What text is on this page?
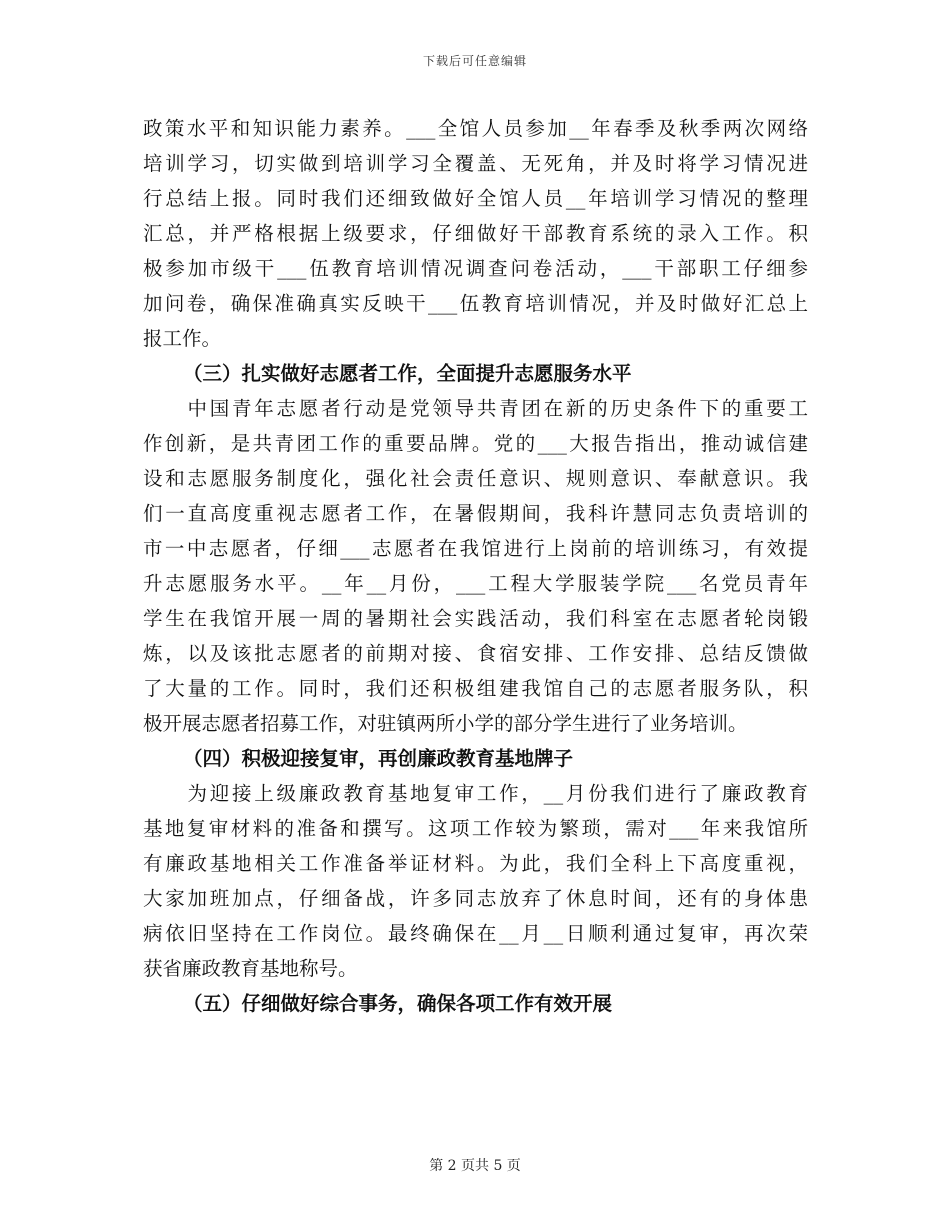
下载后可任意编辑
政策水平和知识能力素养。___全馆人员参加__年春季及秋季两次网络
培训学习，切实做到培训学习全覆盖、无死角，并及时将学习情况进
行总结上报。同时我们还细致做好全馆人员__年培训学习情况的整理
汇总，并严格根据上级要求，仔细做好干部教育系统的录入工作。积
极参加市级干___伍教育培训情况调查问卷活动，___干部职工仔细参
加问卷，确保准确真实反映干___伍教育培训情况，并及时做好汇总上
报工作。
（三）扎实做好志愿者工作，全面提升志愿服务水平
　　中国青年志愿者行动是党领导共青团在新的历史条件下的重要工
作创新，是共青团工作的重要品牌。党的___大报告指出，推动诚信建
设和志愿服务制度化，强化社会责任意识、规则意识、奉献意识。我
们一直高度重视志愿者工作，在暑假期间，我科许慧同志负责培训的
市一中志愿者，仔细___志愿者在我馆进行上岗前的培训练习，有效提
升志愿服务水平。__年__月份，___工程大学服装学院___名党员青年
学生在我馆开展一周的暑期社会实践活动，我们科室在志愿者轮岗锻
炼，以及该批志愿者的前期对接、食宿安排、工作安排、总结反馈做
了大量的工作。同时，我们还积极组建我馆自己的志愿者服务队，积
极开展志愿者招募工作，对驻镇两所小学的部分学生进行了业务培训。
（四）积极迎接复审，再创廉政教育基地牌子
　　为迎接上级廉政教育基地复审工作，__月份我们进行了廉政教育
基地复审材料的准备和撰写。这项工作较为繁琐，需对___年来我馆所
有廉政基地相关工作准备举证材料。为此，我们全科上下高度重视，
大家加班加点，仔细备战，许多同志放弃了休息时间，还有的身体患
病依旧坚持在工作岗位。最终确保在__月__日顺利通过复审，再次荣
获省廉政教育基地称号。
（五）仔细做好综合事务，确保各项工作有效开展
第 2 页共 5 页
